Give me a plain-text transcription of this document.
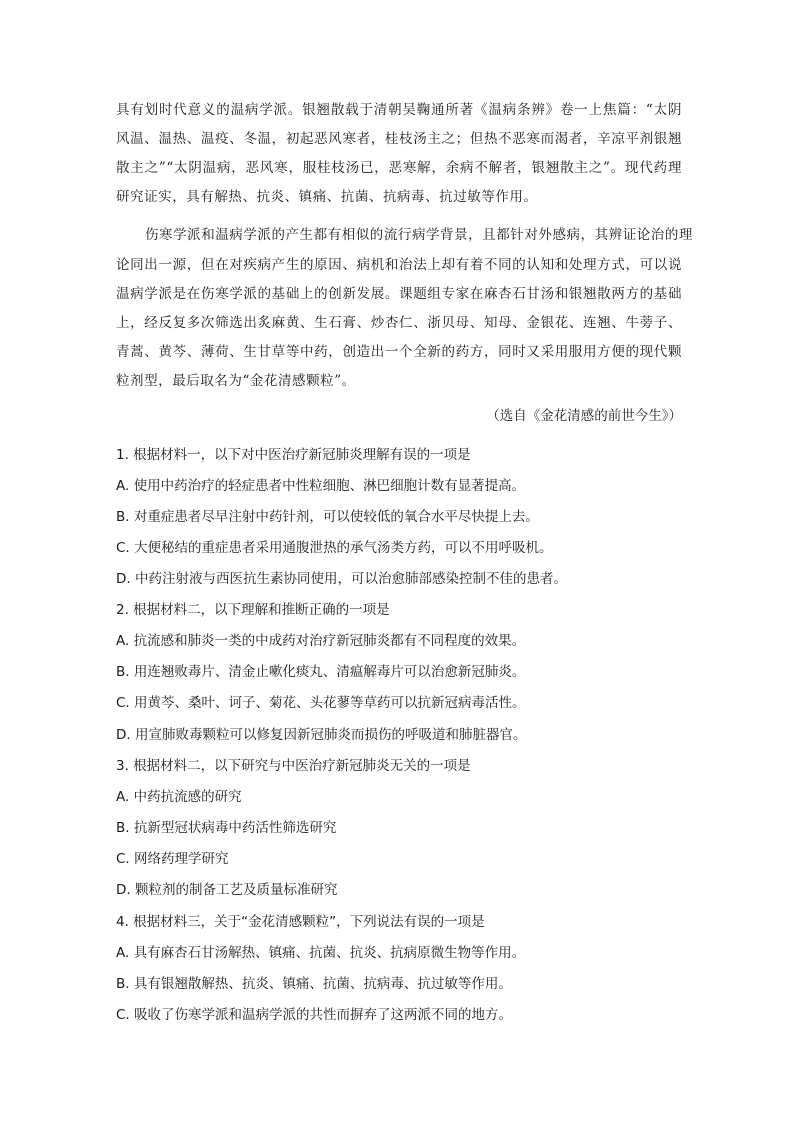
具有划时代意义的温病学派。银翘散载于清朝吴鞠通所著《温病条辨》卷一上焦篇：“太阴
风温、温热、温疫、冬温，初起恶风寒者，桂枝汤主之；但热不恶寒而渴者，辛凉平剂银翘
散主之”“太阴温病，恶风寒，服桂枝汤已，恶寒解，余病不解者，银翘散主之”。现代药理
研究证实，具有解热、抗炎、镇痛、抗菌、抗病毒、抗过敏等作用。
伤寒学派和温病学派的产生都有相似的流行病学背景，且都针对外感病，其辨证论治的理
论同出一源，但在对疾病产生的原因、病机和治法上却有着不同的认知和处理方式，可以说
温病学派是在伤寒学派的基础上的创新发展。课题组专家在麻杏石甘汤和银翘散两方的基础
上，经反复多次筛选出炙麻黄、生石膏、炒杏仁、浙贝母、知母、金银花、连翘、牛蒡子、
青蒿、黄芩、薄荷、生甘草等中药，创造出一个全新的药方，同时又采用服用方便的现代颗
粒剂型，最后取名为“金花清感颗粒”。
（选自《金花清感的前世今生》）
1. 根据材料一，以下对中医治疗新冠肺炎理解有误的一项是
A. 使用中药治疗的轻症患者中性粒细胞、淋巴细胞计数有显著提高。
B. 对重症患者尽早注射中药针剂，可以使较低的氧合水平尽快提上去。
C. 大便秘结的重症患者采用通腹泄热的承气汤类方药，可以不用呼吸机。
D. 中药注射液与西医抗生素协同使用，可以治愈肺部感染控制不佳的患者。
2. 根据材料二，以下理解和推断正确的一项是
A. 抗流感和肺炎一类的中成药对治疗新冠肺炎都有不同程度的效果。
B. 用连翘败毒片、清金止嗽化痰丸、清瘟解毒片可以治愈新冠肺炎。
C. 用黄芩、桑叶、诃子、菊花、头花蓼等草药可以抗新冠病毒活性。
D. 用宣肺败毒颗粒可以修复因新冠肺炎而损伤的呼吸道和肺脏器官。
3. 根据材料二，以下研究与中医治疗新冠肺炎无关的一项是
A. 中药抗流感的研究
B. 抗新型冠状病毒中药活性筛选研究
C. 网络药理学研究
D. 颗粒剂的制备工艺及质量标准研究
4. 根据材料三，关于“金花清感颗粒”，下列说法有误的一项是
A. 具有麻杏石甘汤解热、镇痛、抗菌、抗炎、抗病原微生物等作用。
B. 具有银翘散解热、抗炎、镇痛、抗菌、抗病毒、抗过敏等作用。
C. 吸收了伤寒学派和温病学派的共性而摒弃了这两派不同的地方。
